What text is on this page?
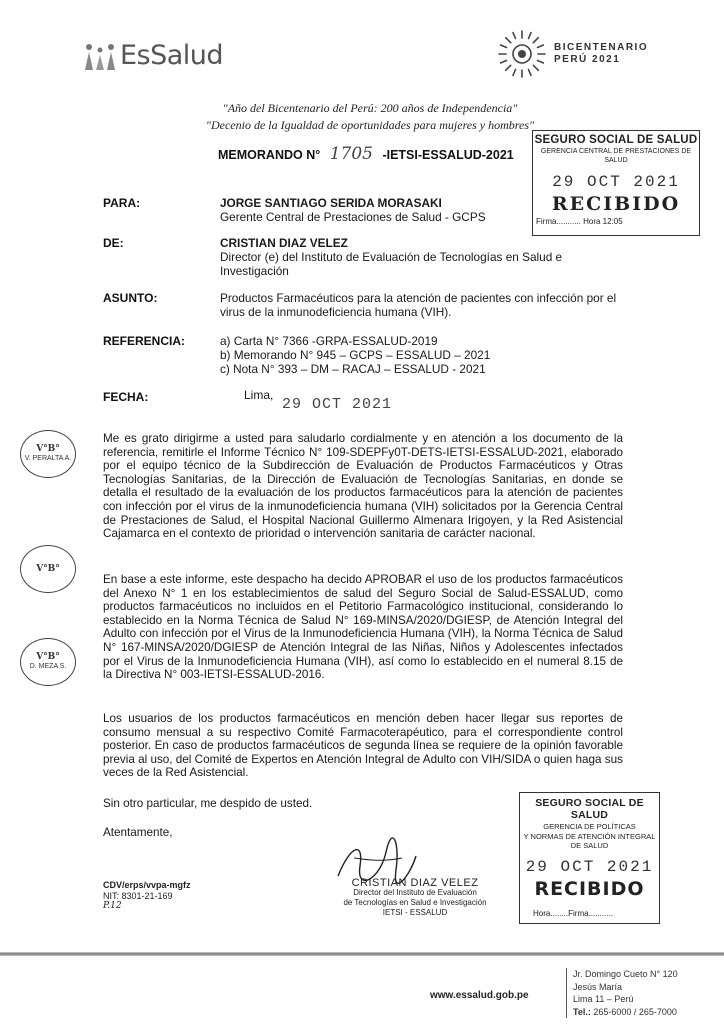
EsSalud	BICENTENARIO
PERÚ 2021
"Año del Bicentenario del Perú: 200 años de Independencia"
"Decenio de la Igualdad de oportunidades para mujeres y hombres"
MEMORANDO N° 1705 -IETSI-ESSALUD-2021
SEGURO SOCIAL DE SALUD
GERENCIA CENTRAL DE PRESTACIONES DE SALUD
29 OCT 2021
RECIBIDO
Firma........... Hora 12:05
PARA:	JORGE SANTIAGO SERIDA MORASAKI
Gerente Central de Prestaciones de Salud - GCPS
DE:	CRISTIAN DIAZ VELEZ
Director (e) del Instituto de Evaluación de Tecnologías en Salud e Investigación
ASUNTO:	Productos Farmacéuticos para la atención de pacientes con infección por el virus de la inmunodeficiencia humana (VIH).
REFERENCIA:	a) Carta N° 7366 -GRPA-ESSALUD-2019
b) Memorando N° 945 – GCPS – ESSALUD – 2021
c) Nota N° 393 – DM – RACAJ – ESSALUD - 2021
FECHA:	Lima,
29 OCT 2021
Me es grato dirigirme a usted para saludarlo cordialmente y en atención a los documento de la referencia, remitirle el Informe Técnico N° 109-SDEPFy0T-DETS-IETSI-ESSALUD-2021, elaborado por el equipo técnico de la Subdirección de Evaluación de Productos Farmacéuticos y Otras Tecnologías Sanitarias, de la Dirección de Evaluación de Tecnologías Sanitarias, en donde se detalla el resultado de la evaluación de los productos farmacéuticos para la atención de pacientes con infección por el virus de la inmunodeficiencia humana (VIH) solicitados por la Gerencia Central de Prestaciones de Salud, el Hospital Nacional Guillermo Almenara Irigoyen, y la Red Asistencial Cajamarca en el contexto de prioridad o intervención sanitaria de carácter nacional.
En base a este informe, este despacho ha decido APROBAR el uso de los productos farmacéuticos del Anexo N° 1 en los establecimientos de salud del Seguro Social de Salud-ESSALUD, como productos farmacéuticos no incluidos en el Petitorio Farmacológico institucional, considerando lo establecido en la Norma Técnica de Salud N° 169-MINSA/2020/DGIESP, de Atención Integral del Adulto con infección por el Virus de la Inmunodeficiencia Humana (VIH), la Norma Técnica de Salud N° 167-MINSA/2020/DGIESP de Atención Integral de las Niñas, Niños y Adolescentes infectados por el Virus de la Inmunodeficiencia Humana (VIH), así como lo establecido en el numeral 8.15 de la Directiva N° 003-IETSI-ESSALUD-2016.
Los usuarios de los productos farmacéuticos en mención deben hacer llegar sus reportes de consumo mensual a su respectivo Comité Farmacoterapéutico, para el correspondiente control posterior. En caso de productos farmacéuticos de segunda línea se requiere de la opinión favorable previa al uso, del Comité de Expertos en Atención Integral de Adulto con VIH/SIDA o quien haga sus veces de la Red Asistencial.
Sin otro particular, me despido de usted.
Atentamente,
V°B°
V. PERALTA A.
V°B°
V°B°
D. MEZA S.
CRISTIAN DIAZ VELEZ
Director del Instituto de Evaluación
de Tecnologías en Salud e Investigación
IETSI - ESSALUD
CDV/erps/vvpa-mgfz
NIT: 8301-21-169
P.12
SEGURO SOCIAL DE SALUD
GERENCIA DE POLÍTICAS
Y NORMAS DE ATENCIÓN INTEGRAL DE SALUD
29 OCT 2021
RECIBIDO
Hora........Firma...........
www.essalud.gob.pe
Jr. Domingo Cueto N° 120
Jesús María
Lima 11 – Perú
Tel.: 265-6000 / 265-7000
